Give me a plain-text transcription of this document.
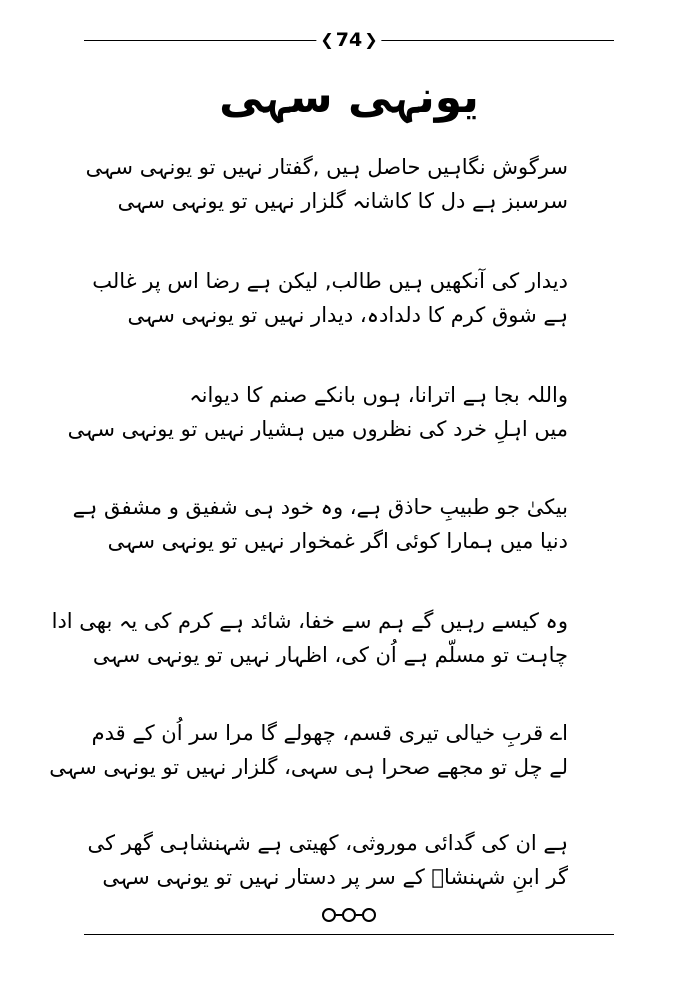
❮ 74 ❯
یونہی سہی
سرگوش نگاہیں حاصل ہیں ,گفتار نہیں تو یونہی سہی
سرسبز ہے دل کا کاشانہ گلزار نہیں تو یونہی سہی
دیدار کی آنکھیں ہیں طالب, لیکن ہے رضا اس پر غالب
ہے شوق کرم کا دلدادہ، دیدار نہیں تو یونہی سہی
واللہ بجا ہے اترانا، ہوں بانکے صنم کا دیوانہ
میں اہلِ خرد کی نظروں میں ہشیار نہیں تو یونہی سہی
بیکیٰ جو طبیبِ حاذق ہے، وہ خود ہی شفیق و مشفق ہے
دنیا میں ہمارا کوئی اگر غمخوار نہیں تو یونہی سہی
وہ کیسے رہیں گے ہم سے خفا، شائد ہے کرم کی یہ بھی ادا
چاہت تو مسلّم ہے اُن کی، اظہار نہیں تو یونہی سہی
اے قربِ خیالی تیری قسم، چھولے گا مرا سر اُن کے قدم
لے چل تو مجھے صحرا ہی سہی، گلزار نہیں تو یونہی سہی
ہے ان کی گدائی موروثی، کھیتی ہے شہنشاہی گھر کی
گر ابنِ شہنشاؔ کے سر پر دستار نہیں تو یونہی سہی
